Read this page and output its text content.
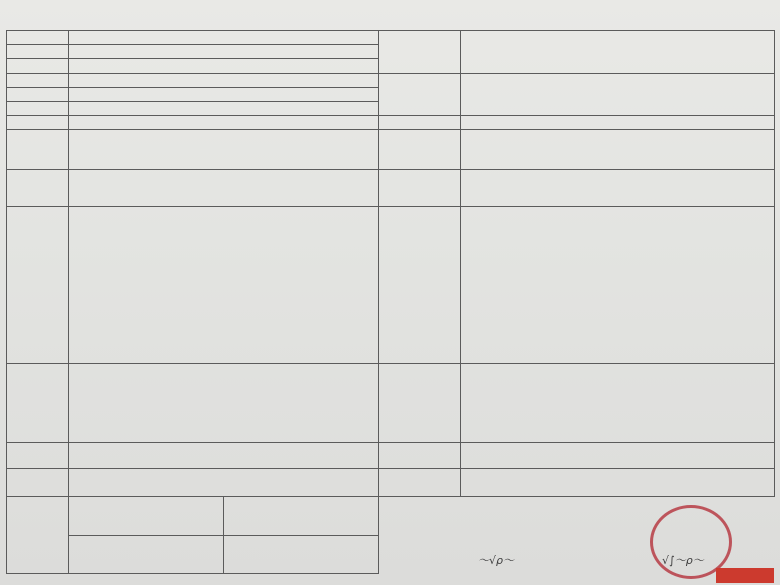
〜√ρ〜	√∫〜ρ〜
